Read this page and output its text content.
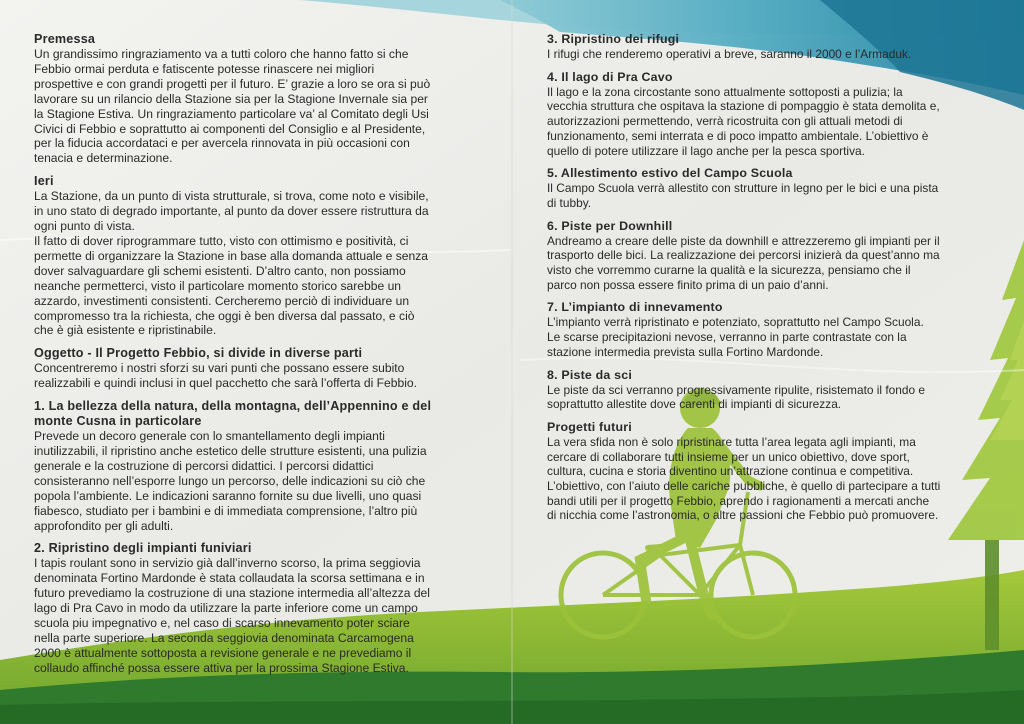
Premessa
Un grandissimo ringraziamento va a tutti coloro che hanno fatto si che
Febbio ormai perduta e fatiscente potesse rinascere nei migliori
prospettive e con grandi progetti per il futuro. E’ grazie a loro se ora si può
lavorare su un rilancio della Stazione sia per la Stagione Invernale sia per
la Stagione Estiva. Un ringraziamento particolare va’ al Comitato degli Usi
Civici di Febbio e soprattutto ai componenti del Consiglio e al Presidente,
per la fiducia accordataci e per avercela rinnovata in più occasioni con
tenacia e determinazione.
Ieri
La Stazione, da un punto di vista strutturale, si trova, come noto e visibile,
in uno stato di degrado importante, al punto da dover essere ristruttura da
ogni punto di vista.
Il fatto di dover riprogrammare tutto, visto con ottimismo e positività, ci
permette di organizzare la Stazione in base alla domanda attuale e senza
dover salvaguardare gli schemi esistenti. D’altro canto, non possiamo
neanche permetterci, visto il particolare momento storico sarebbe un
azzardo, investimenti consistenti. Cercheremo perciò di individuare un
compromesso tra la richiesta, che oggi è ben diversa dal passato, e ciò
che è già esistente e ripristinabile.
Oggetto - Il Progetto Febbio, si divide in diverse parti
Concentreremo i nostri sforzi su vari punti che possano essere subito
realizzabili e quindi inclusi in quel pacchetto che sarà l’offerta di Febbio.
1. La bellezza della natura, della montagna, dell’Appennino e del
monte Cusna in particolare
Prevede un decoro generale con lo smantellamento degli impianti
inutilizzabili, il ripristino anche estetico delle strutture esistenti, una pulizia
generale e la costruzione di percorsi didattici. I percorsi didattici
consisteranno nell’esporre lungo un percorso, delle indicazioni su ciò che
popola l’ambiente. Le indicazioni saranno fornite su due livelli, uno quasi
fiabesco, studiato per i bambini e di immediata comprensione, l’altro più
approfondito per gli adulti.
2. Ripristino degli impianti funiviari
I tapis roulant sono in servizio già dall’inverno scorso, la prima seggiovia
denominata Fortino Mardonde è stata collaudata la scorsa settimana e in
futuro prevediamo la costruzione di una stazione intermedia all’altezza del
lago di Pra Cavo in modo da utilizzare la parte inferiore come un campo
scuola piu impegnativo e, nel caso di scarso innevamento poter sciare
nella parte superiore. La seconda seggiovia denominata Carcamogena
2000 è attualmente sottoposta a revisione generale e ne prevediamo il
collaudo affinché possa essere attiva per la prossima Stagione Estiva.
3. Ripristino dei rifugi
I rifugi che renderemo operativi a breve, saranno il 2000 e l’Armaduk.
4. Il lago di Pra Cavo
Il lago e la zona circostante sono attualmente sottoposti a pulizia; la
vecchia struttura che ospitava la stazione di pompaggio è stata demolita e,
autorizzazioni permettendo, verrà ricostruita con gli attuali metodi di
funzionamento, semi interrata e di poco impatto ambientale. L’obiettivo è
quello di potere utilizzare il lago anche per la pesca sportiva.
5. Allestimento estivo del Campo Scuola
Il Campo Scuola verrà allestito con strutture in legno per le bici e una pista
di tubby.
6. Piste per Downhill
Andreamo a creare delle piste da downhill e attrezzeremo gli impianti per il
trasporto delle bici. La realizzazione dei percorsi inizierà da quest’anno ma
visto che vorremmo curarne la qualità e la sicurezza, pensiamo che il
parco non possa essere finito prima di un paio d’anni.
7. L’impianto di innevamento
L’impianto verrà ripristinato e potenziato, soprattutto nel Campo Scuola.
Le scarse precipitazioni nevose, verranno in parte contrastate con la
stazione intermedia prevista sulla Fortino Mardonde.
8. Piste da sci
Le piste da sci verranno progressivamente ripulite, risistemato il fondo e
soprattutto allestite dove carenti di impianti di sicurezza.
Progetti futuri
La vera sfida non è solo ripristinare tutta l’area legata agli impianti, ma
cercare di collaborare tutti insieme per un unico obiettivo, dove sport,
cultura, cucina e storia diventino un’attrazione continua e competitiva.
L’obiettivo, con l’aiuto delle cariche pubbliche, è quello di partecipare a tutti
bandi utili per il progetto Febbio, aprendo i ragionamenti a mercati anche
di nicchia come l’astronomia, o altre passioni che Febbio può promuovere.
